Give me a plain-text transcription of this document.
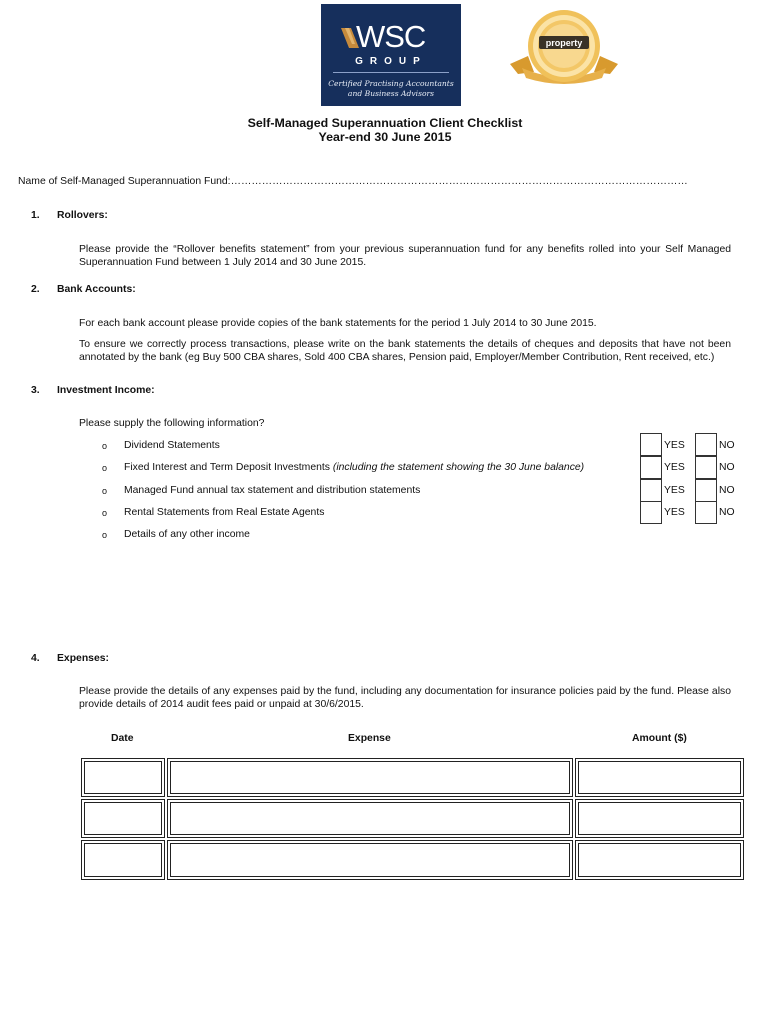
WSC
GROUP
Certified Practising Accountants
and Business Advisors
property
Self-Managed Superannuation Client Checklist
Year-end 30 June 2015
Name of Self-Managed Superannuation Fund:……………………………………………………………………………………………………………………
1. Rollovers:
Please provide the “Rollover benefits statement” from your previous superannuation fund for any benefits rolled into your Self Managed Superannuation Fund between 1 July 2014 and 30 June 2015.
2. Bank Accounts:
For each bank account please provide copies of the bank statements for the period 1 July 2014 to 30 June 2015.
To ensure we correctly process transactions, please write on the bank statements the details of cheques and deposits that have not been annotated by the bank (eg Buy 500 CBA shares, Sold 400 CBA shares, Pension paid, Employer/Member Contribution, Rent received, etc.)
3. Investment Income:
Please supply the following information?
o Dividend Statements	YES	NO
o Fixed Interest and Term Deposit Investments (including the statement showing the 30 June balance)	YES	NO
o Managed Fund annual tax statement and distribution statements	YES	NO
o Rental Statements from Real Estate Agents	YES	NO
o Details of any other income
4. Expenses:
Please provide the details of any expenses paid by the fund, including any documentation for insurance policies paid by the fund. Please also provide details of 2014 audit fees paid or unpaid at 30/6/2015.
Date	Expense	Amount ($)
